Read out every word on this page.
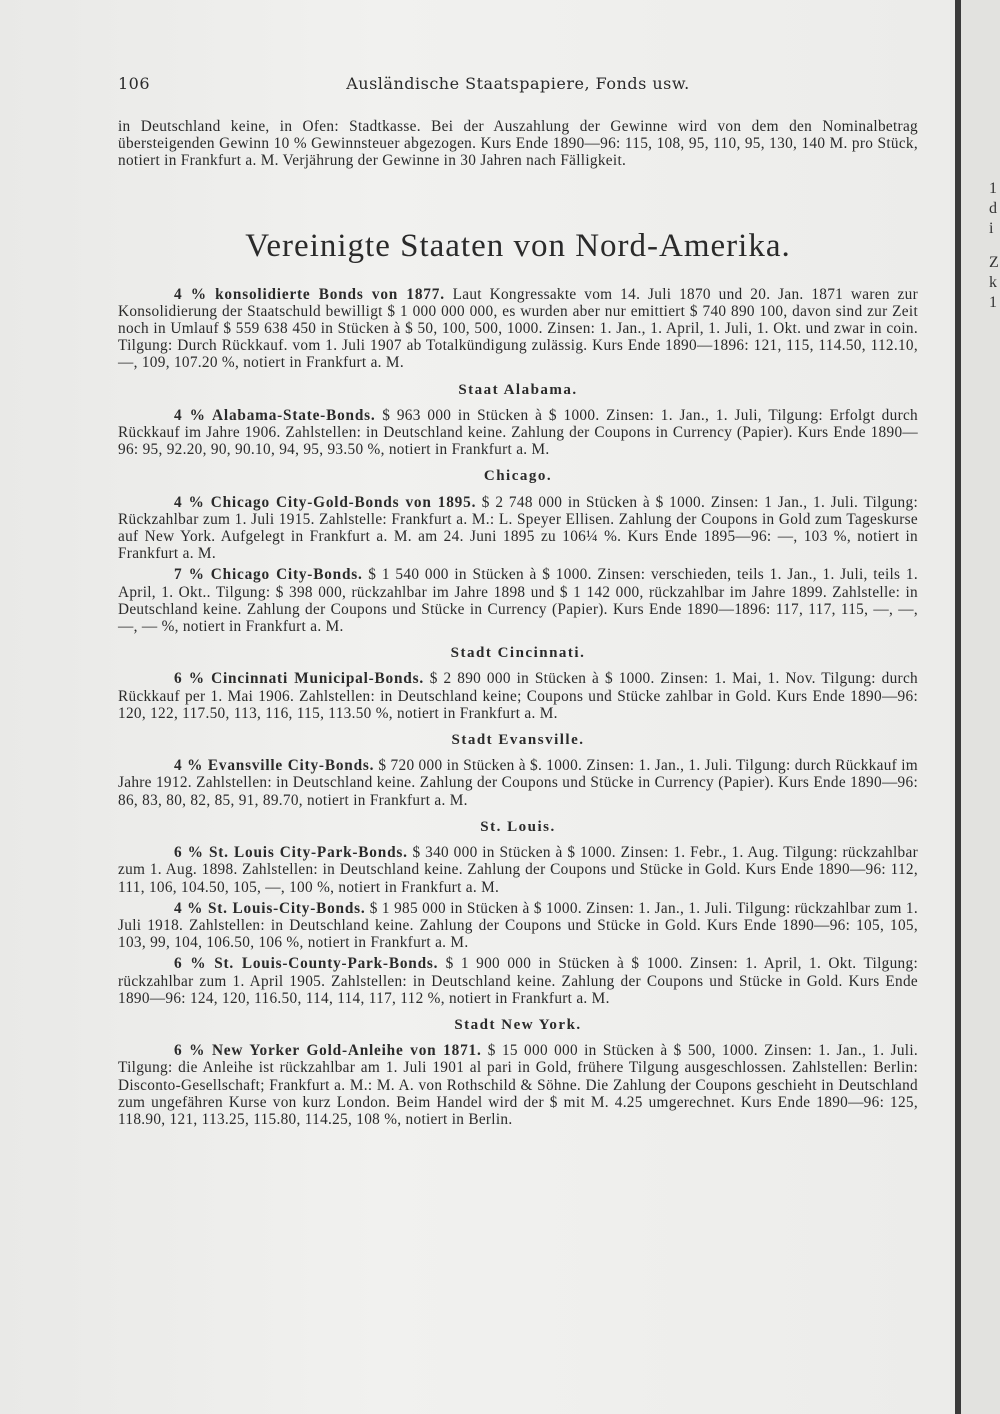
106	Ausländische Staatspapiere, Fonds usw.

in Deutschland keine, in Ofen: Stadtkasse. Bei der Auszahlung der Gewinne wird von dem den Nominalbetrag übersteigenden Gewinn 10 % Gewinnsteuer abgezogen. Kurs Ende 1890—96: 115, 108, 95, 110, 95, 130, 140 M. pro Stück, notiert in Frankfurt a. M. Verjährung der Gewinne in 30 Jahren nach Fälligkeit.

Vereinigte Staaten von Nord-Amerika.

4 % konsolidierte Bonds von 1877. Laut Kongressakte vom 14. Juli 1870 und 20. Jan. 1871 waren zur Konsolidierung der Staatschuld bewilligt $ 1 000 000 000, es wurden aber nur emittiert $ 740 890 100, davon sind zur Zeit noch in Umlauf $ 559 638 450 in Stücken à $ 50, 100, 500, 1000. Zinsen: 1. Jan., 1. April, 1. Juli, 1. Okt. und zwar in coin. Tilgung: Durch Rückkauf. vom 1. Juli 1907 ab Totalkündigung zulässig. Kurs Ende 1890—1896: 121, 115, 114.50, 112.10, —, 109, 107.20 %, notiert in Frankfurt a. M.

Staat Alabama.

4 % Alabama-State-Bonds. $ 963 000 in Stücken à $ 1000. Zinsen: 1. Jan., 1. Juli, Tilgung: Erfolgt durch Rückkauf im Jahre 1906. Zahlstellen: in Deutschland keine. Zahlung der Coupons in Currency (Papier). Kurs Ende 1890—96: 95, 92.20, 90, 90.10, 94, 95, 93.50 %, notiert in Frankfurt a. M.

Chicago.

4 % Chicago City-Gold-Bonds von 1895. $ 2 748 000 in Stücken à $ 1000. Zinsen: 1 Jan., 1. Juli. Tilgung: Rückzahlbar zum 1. Juli 1915. Zahlstelle: Frankfurt a. M.: L. Speyer Ellisen. Zahlung der Coupons in Gold zum Tageskurse auf New York. Aufgelegt in Frankfurt a. M. am 24. Juni 1895 zu 106¼ %. Kurs Ende 1895—96: —, 103 %, notiert in Frankfurt a. M.

7 % Chicago City-Bonds. $ 1 540 000 in Stücken à $ 1000. Zinsen: verschieden, teils 1. Jan., 1. Juli, teils 1. April, 1. Okt.. Tilgung: $ 398 000, rückzahlbar im Jahre 1898 und $ 1 142 000, rückzahlbar im Jahre 1899. Zahlstelle: in Deutschland keine. Zahlung der Coupons und Stücke in Currency (Papier). Kurs Ende 1890—1896: 117, 117, 115, —, —, —, — %, notiert in Frankfurt a. M.

Stadt Cincinnati.

6 % Cincinnati Municipal-Bonds. $ 2 890 000 in Stücken à $ 1000. Zinsen: 1. Mai, 1. Nov. Tilgung: durch Rückkauf per 1. Mai 1906. Zahlstellen: in Deutschland keine; Coupons und Stücke zahlbar in Gold. Kurs Ende 1890—96: 120, 122, 117.50, 113, 116, 115, 113.50 %, notiert in Frankfurt a. M.

Stadt Evansville.

4 % Evansville City-Bonds. $ 720 000 in Stücken à $. 1000. Zinsen: 1. Jan., 1. Juli. Tilgung: durch Rückkauf im Jahre 1912. Zahlstellen: in Deutschland keine. Zahlung der Coupons und Stücke in Currency (Papier). Kurs Ende 1890—96: 86, 83, 80, 82, 85, 91, 89.70, notiert in Frankfurt a. M.

St. Louis.

6 % St. Louis City-Park-Bonds. $ 340 000 in Stücken à $ 1000. Zinsen: 1. Febr., 1. Aug. Tilgung: rückzahlbar zum 1. Aug. 1898. Zahlstellen: in Deutschland keine. Zahlung der Coupons und Stücke in Gold. Kurs Ende 1890—96: 112, 111, 106, 104.50, 105, —, 100 %, notiert in Frankfurt a. M.

4 % St. Louis-City-Bonds. $ 1 985 000 in Stücken à $ 1000. Zinsen: 1. Jan., 1. Juli. Tilgung: rückzahlbar zum 1. Juli 1918. Zahlstellen: in Deutschland keine. Zahlung der Coupons und Stücke in Gold. Kurs Ende 1890—96: 105, 105, 103, 99, 104, 106.50, 106 %, notiert in Frankfurt a. M.

6 % St. Louis-County-Park-Bonds. $ 1 900 000 in Stücken à $ 1000. Zinsen: 1. April, 1. Okt. Tilgung: rückzahlbar zum 1. April 1905. Zahlstellen: in Deutschland keine. Zahlung der Coupons und Stücke in Gold. Kurs Ende 1890—96: 124, 120, 116.50, 114, 114, 117, 112 %, notiert in Frankfurt a. M.

Stadt New York.

6 % New Yorker Gold-Anleihe von 1871. $ 15 000 000 in Stücken à $ 500, 1000. Zinsen: 1. Jan., 1. Juli. Tilgung: die Anleihe ist rückzahlbar am 1. Juli 1901 al pari in Gold, frühere Tilgung ausgeschlossen. Zahlstellen: Berlin: Disconto-Gesellschaft; Frankfurt a. M.: M. A. von Rothschild & Söhne. Die Zahlung der Coupons geschieht in Deutschland zum ungefähren Kurse von kurz London. Beim Handel wird der $ mit M. 4.25 umgerechnet. Kurs Ende 1890—96: 125, 118.90, 121, 113.25, 115.80, 114.25, 108 %, notiert in Berlin.

1
d
i
Z
k
1
